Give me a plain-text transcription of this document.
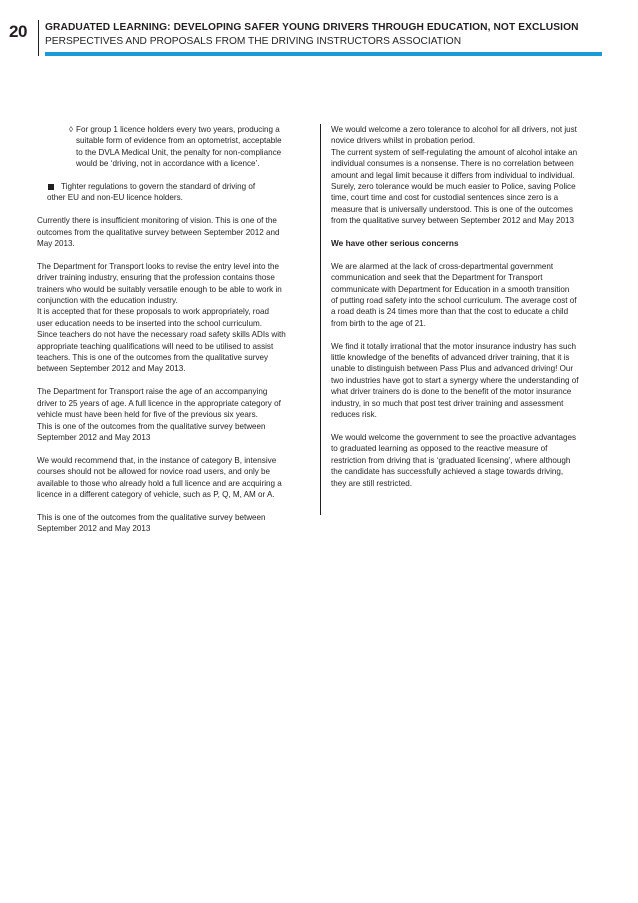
20 GRADUATED LEARNING: DEVELOPING SAFER YOUNG DRIVERS THROUGH EDUCATION, NOT EXCLUSION
PERSPECTIVES AND PROPOSALS FROM THE DRIVING INSTRUCTORS ASSOCIATION
◊ For group 1 licence holders every two years, producing a
suitable form of evidence from an optometrist, acceptable
to the DVLA Medical Unit, the penalty for non-compliance
would be ‘driving, not in accordance with a licence’.
Tighter regulations to govern the standard of driving of
other EU and non-EU licence holders.

Currently there is insufficient monitoring of vision. This is one of the
outcomes from the qualitative survey between September 2012 and
May 2013.

The Department for Transport looks to revise the entry level into the
driver training industry, ensuring that the profession contains those
trainers who would be suitably versatile enough to be able to work in
conjunction with the education industry.
It is accepted that for these proposals to work appropriately, road
user education needs to be inserted into the school curriculum.
Since teachers do not have the necessary road safety skills ADIs with
appropriate teaching qualifications will need to be utilised to assist
teachers. This is one of the outcomes from the qualitative survey
between September 2012 and May 2013.

The Department for Transport raise the age of an accompanying
driver to 25 years of age. A full licence in the appropriate category of
vehicle must have been held for five of the previous six years.
This is one of the outcomes from the qualitative survey between
September 2012 and May 2013

We would recommend that, in the instance of category B, intensive
courses should not be allowed for novice road users, and only be
available to those who already hold a full licence and are acquiring a
licence in a different category of vehicle, such as P, Q, M, AM or A.

This is one of the outcomes from the qualitative survey between
September 2012 and May 2013

We would welcome a zero tolerance to alcohol for all drivers, not just
novice drivers whilst in probation period.
The current system of self-regulating the amount of alcohol intake an
individual consumes is a nonsense. There is no correlation between
amount and legal limit because it differs from individual to individual.
Surely, zero tolerance would be much easier to Police, saving Police
time, court time and cost for custodial sentences since zero is a
measure that is universally understood. This is one of the outcomes
from the qualitative survey between September 2012 and May 2013

We have other serious concerns

We are alarmed at the lack of cross-departmental government
communication and seek that the Department for Transport
communicate with Department for Education in a smooth transition
of putting road safety into the school curriculum. The average cost of
a road death is 24 times more than that the cost to educate a child
from birth to the age of 21.

We find it totally irrational that the motor insurance industry has such
little knowledge of the benefits of advanced driver training, that it is
unable to distinguish between Pass Plus and advanced driving! Our
two industries have got to start a synergy where the understanding of
what driver trainers do is done to the benefit of the motor insurance
industry, in so much that post test driver training and assessment
reduces risk.

We would welcome the government to see the proactive advantages
to graduated learning as opposed to the reactive measure of
restriction from driving that is ‘graduated licensing’, where although
the candidate has successfully achieved a stage towards driving,
they are still restricted.
